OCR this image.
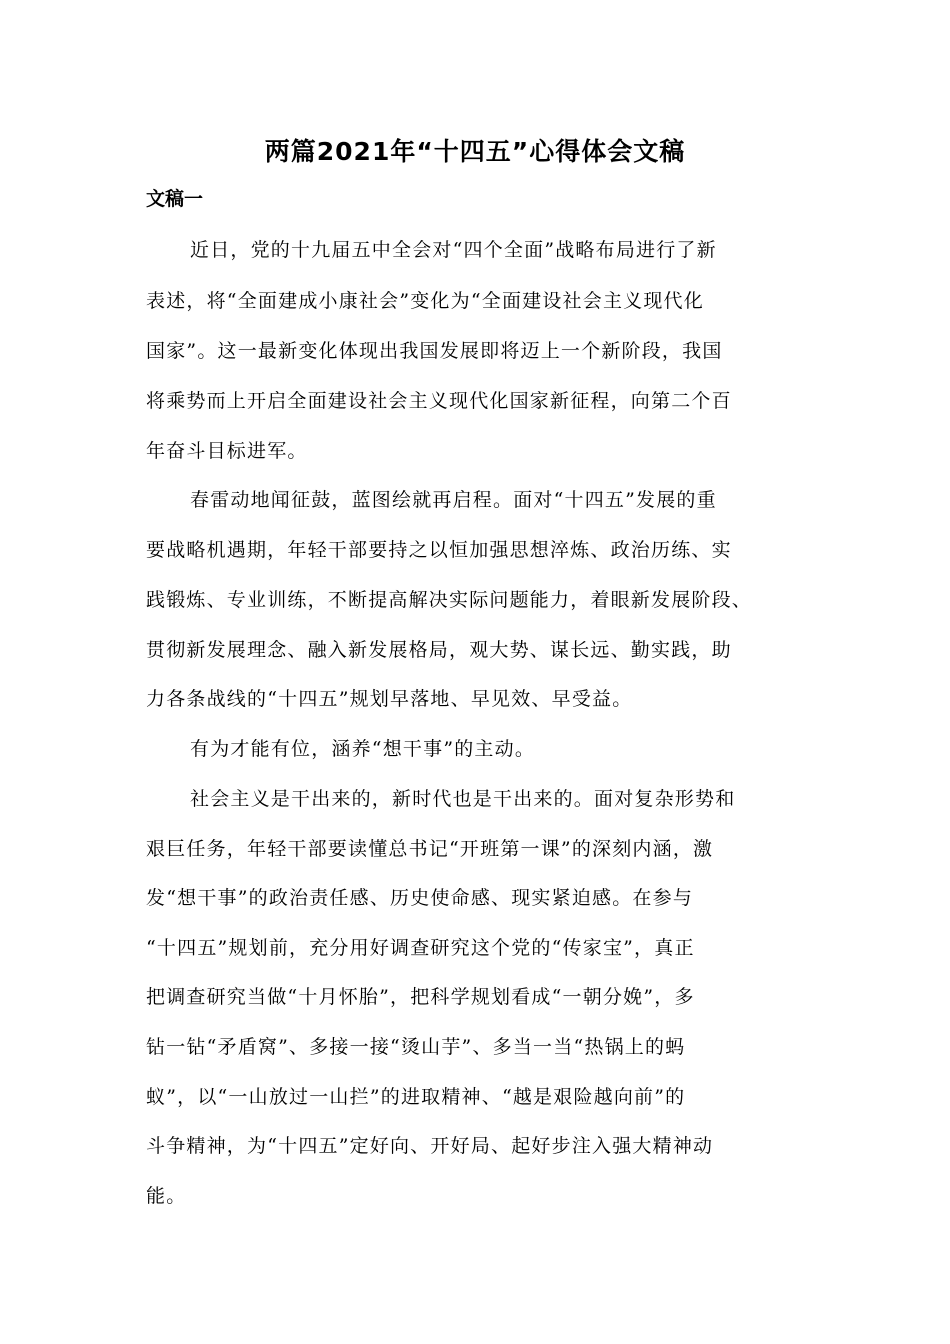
两篇2021年“十四五”心得体会文稿
文稿一
近日，党的十九届五中全会对“四个全面”战略布局进行了新
表述，将“全面建成小康社会”变化为“全面建设社会主义现代化
国家”。这一最新变化体现出我国发展即将迈上一个新阶段，我国
将乘势而上开启全面建设社会主义现代化国家新征程，向第二个百
年奋斗目标进军。
春雷动地闻征鼓，蓝图绘就再启程。面对“十四五”发展的重
要战略机遇期，年轻干部要持之以恒加强思想淬炼、政治历练、实
践锻炼、专业训练，不断提高解决实际问题能力，着眼新发展阶段、
贯彻新发展理念、融入新发展格局，观大势、谋长远、勤实践，助
力各条战线的“十四五”规划早落地、早见效、早受益。
有为才能有位，涵养“想干事”的主动。
社会主义是干出来的，新时代也是干出来的。面对复杂形势和
艰巨任务，年轻干部要读懂总书记“开班第一课”的深刻内涵，激
发“想干事”的政治责任感、历史使命感、现实紧迫感。在参与
“十四五”规划前，充分用好调查研究这个党的“传家宝”，真正
把调查研究当做“十月怀胎”，把科学规划看成“一朝分娩”，多
钻一钻“矛盾窝”、多接一接“烫山芋”、多当一当“热锅上的蚂
蚁”，以“一山放过一山拦”的进取精神、“越是艰险越向前”的
斗争精神，为“十四五”定好向、开好局、起好步注入强大精神动
能。
